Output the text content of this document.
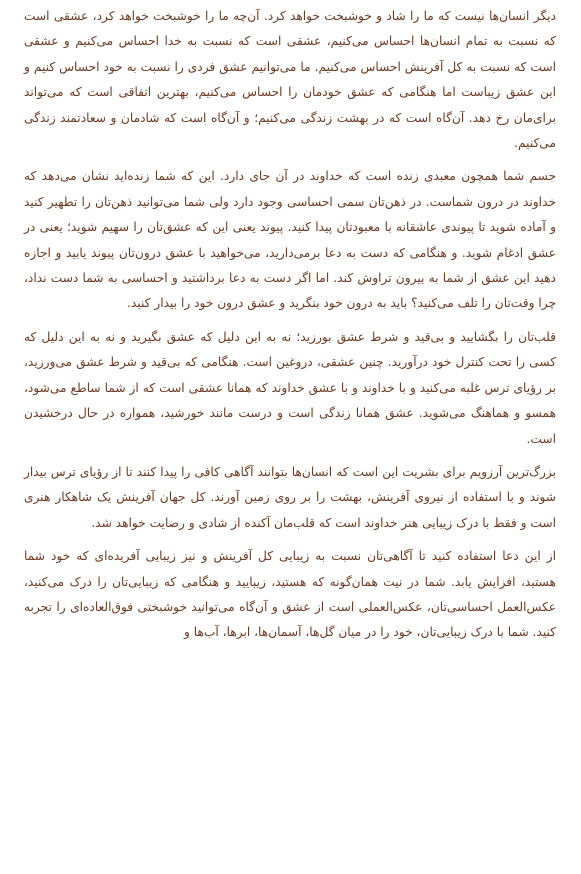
دیگر انسان‌ها نیست که ما را شاد و خوشبخت خواهد کرد. آن‌چه ما را خوشبخت خواهد کرد، عشقی است که نسبت به تمام انسان‌ها احساس می‌کنیم، عشقی است که نسبت به خدا احساس می‌کنیم و عشقی است که نسبت به کل آفرینش احساس می‌کنیم. ما می‌توانیم عشق فردی را نسبت به خود احساس کنیم و این عشق زیباست اما هنگامی که عشق خودمان را احساس می‌کنیم، بهترین اتفاقی است که می‌تواند برای‌مان رخ دهد. آن‌گاه است که در بهشت زندگی می‌کنیم؛ و آن‌گاه است که شادمان و سعادتمند زندگی می‌کنیم.

جسم شما همچون معبدی زنده است که خداوند در آن جای دارد. این که شما زنده‌اید نشان می‌دهد که خداوند در درون شماست. در ذهن‌تان سمی احساسی وجود دارد ولی شما می‌توانید ذهن‌تان را تطهیر کنید و آماده شوید تا پیوندی عاشقانه با معبودتان پیدا کنید. پیوند یعنی این که عشق‌تان را سهیم شوید؛ یعنی در عشق ادغام شوید. و هنگامی که دست به دعا برمی‌دارید، می‌خواهید با عشق درون‌تان پیوند یابید و اجازه دهید این عشق از شما به بیرون تراوش کند. اما اگر دست به دعا برداشتید و احساسی به شما دست نداد، چرا وقت‌تان را تلف می‌کنید؟ باید به درون خود بنگرید و عشق درون خود را بیدار کنید.

قلب‌تان را بگشایید و بی‌قید و شرط عشق بورزید؛ نه به این دلیل که عشق بگیرید و نه به این دلیل که کسی را تحت کنترل خود درآورید. چنین عشقی، دروغین است. هنگامی که بی‌قید و شرط عشق می‌ورزید، بر رؤیای ترس غلبه می‌کنید و با خداوند و با عشق خداوند که همانا عشقی است که از شما ساطع می‌شود، همسو و هماهنگ می‌شوید. عشق همانا زندگی است و درست مانند خورشید، همواره در حال درخشیدن است.

بزرگ‌ترین آرزویم برای بشریت این است که انسان‌ها بتوانند آگاهی کافی را پیدا کنند تا از رؤیای ترس بیدار شوند و با استفاده از نیروی آفرینش، بهشت را بر روی زمین آورند. کل جهان آفرینش یک شاهکار هنری است و فقط با درک زیبایی هنر خداوند است که قلب‌مان آکنده از شادی و رضایت خواهد شد.

از این دعا استفاده کنید تا آگاهی‌تان نسبت به زیبایی کل آفرینش و نیز زیبایی آفریده‌ای که خود شما هستید، افزایش یابد. شما در نیت همان‌گونه که هستید، زیبایید و هنگامی که زیبایی‌تان را درک می‌کنید، عکس‌العمل احساسی‌تان، عکس‌العملی است از عشق و آن‌گاه می‌توانید خوشبختی فوق‌العاده‌ای را تجربه کنید. شما با درک زیبایی‌تان، خود را در میان گل‌ها، آسمان‌ها، ابرها، آب‌ها و
